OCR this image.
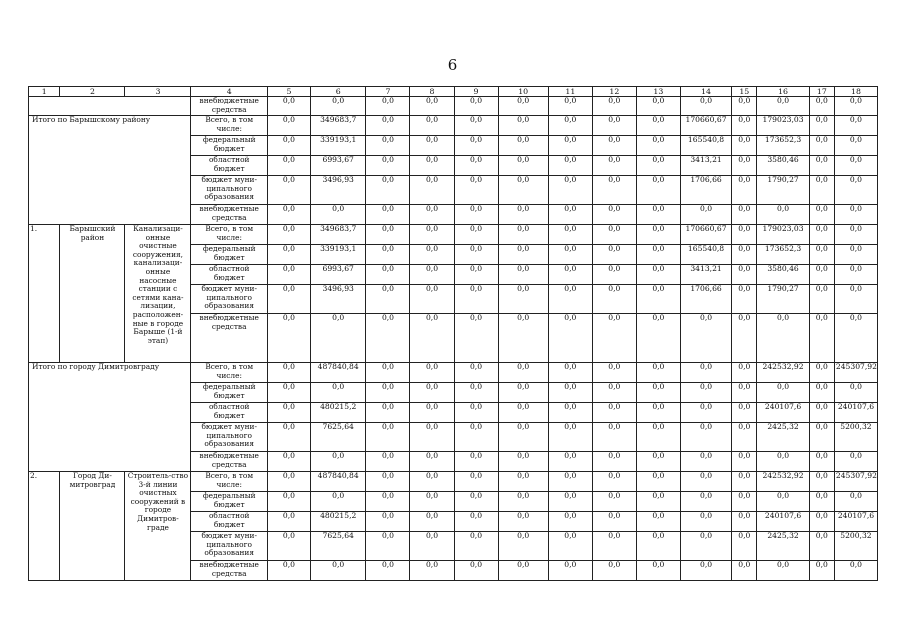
6
1	2	3	4	5	6	7	8	9	10	11	12	13	14	15	16	17	18
			внебюджетные средства	0,0	0,0	0,0	0,0	0,0	0,0	0,0	0,0	0,0	0,0	0,0	0,0	0,0	0,0
Итого по Барышскому району			Всего, в том числе:	0,0	349683,7	0,0	0,0	0,0	0,0	0,0	0,0	0,0	170660,67	0,0	179023,03	0,0	0,0
			федеральный бюджет	0,0	339193,1	0,0	0,0	0,0	0,0	0,0	0,0	0,0	165540,8	0,0	173652,3	0,0	0,0
			областной бюджет	0,0	6993,67	0,0	0,0	0,0	0,0	0,0	0,0	0,0	3413,21	0,0	3580,46	0,0	0,0
			бюджет муни-ципального образования	0,0	3496,93	0,0	0,0	0,0	0,0	0,0	0,0	0,0	1706,66	0,0	1790,27	0,0	0,0
			внебюджетные средства	0,0	0,0	0,0	0,0	0,0	0,0	0,0	0,0	0,0	0,0	0,0	0,0	0,0	0,0
1.	Барышский район	Канализаци-онные очистные сооружения, канализаци-онные насосные станции с сетями кана-лизации, расположен-ные в городе Барыше (1-й этап)	Всего, в том числе:	0,0	349683,7	0,0	0,0	0,0	0,0	0,0	0,0	0,0	170660,67	0,0	179023,03	0,0	0,0
			федеральный бюджет	0,0	339193,1	0,0	0,0	0,0	0,0	0,0	0,0	0,0	165540,8	0,0	173652,3	0,0	0,0
			областной бюджет	0,0	6993,67	0,0	0,0	0,0	0,0	0,0	0,0	0,0	3413,21	0,0	3580,46	0,0	0,0
			бюджет муни-ципального образования	0,0	3496,93	0,0	0,0	0,0	0,0	0,0	0,0	0,0	1706,66	0,0	1790,27	0,0	0,0
			внебюджетные средства	0,0	0,0	0,0	0,0	0,0	0,0	0,0	0,0	0,0	0,0	0,0	0,0	0,0	0,0
Итого по городу Димитровграду			Всего, в том числе:	0,0	487840,84	0,0	0,0	0,0	0,0	0,0	0,0	0,0	0,0	0,0	242532,92	0,0	245307,92
			федеральный бюджет	0,0	0,0	0,0	0,0	0,0	0,0	0,0	0,0	0,0	0,0	0,0	0,0	0,0	0,0
			областной бюджет	0,0	480215,2	0,0	0,0	0,0	0,0	0,0	0,0	0,0	0,0	0,0	240107,6	0,0	240107,6
			бюджет муни-ципального образования	0,0	7625,64	0,0	0,0	0,0	0,0	0,0	0,0	0,0	0,0	0,0	2425,32	0,0	5200,32
			внебюджетные средства	0,0	0,0	0,0	0,0	0,0	0,0	0,0	0,0	0,0	0,0	0,0	0,0	0,0	0,0
2.	Город Ди-митровград	Строитель-ство 3-й линии очистных сооружений в городе Димитров-граде	Всего, в том числе:	0,0	487840,84	0,0	0,0	0,0	0,0	0,0	0,0	0,0	0,0	0,0	242532,92	0,0	245307,92
			федеральный бюджет	0,0	0,0	0,0	0,0	0,0	0,0	0,0	0,0	0,0	0,0	0,0	0,0	0,0	0,0
			областной бюджет	0,0	480215,2	0,0	0,0	0,0	0,0	0,0	0,0	0,0	0,0	0,0	240107,6	0,0	240107,6
			бюджет муни-ципального образования	0,0	7625,64	0,0	0,0	0,0	0,0	0,0	0,0	0,0	0,0	0,0	2425,32	0,0	5200,32
			внебюджетные средства	0,0	0,0	0,0	0,0	0,0	0,0	0,0	0,0	0,0	0,0	0,0	0,0	0,0	0,0
